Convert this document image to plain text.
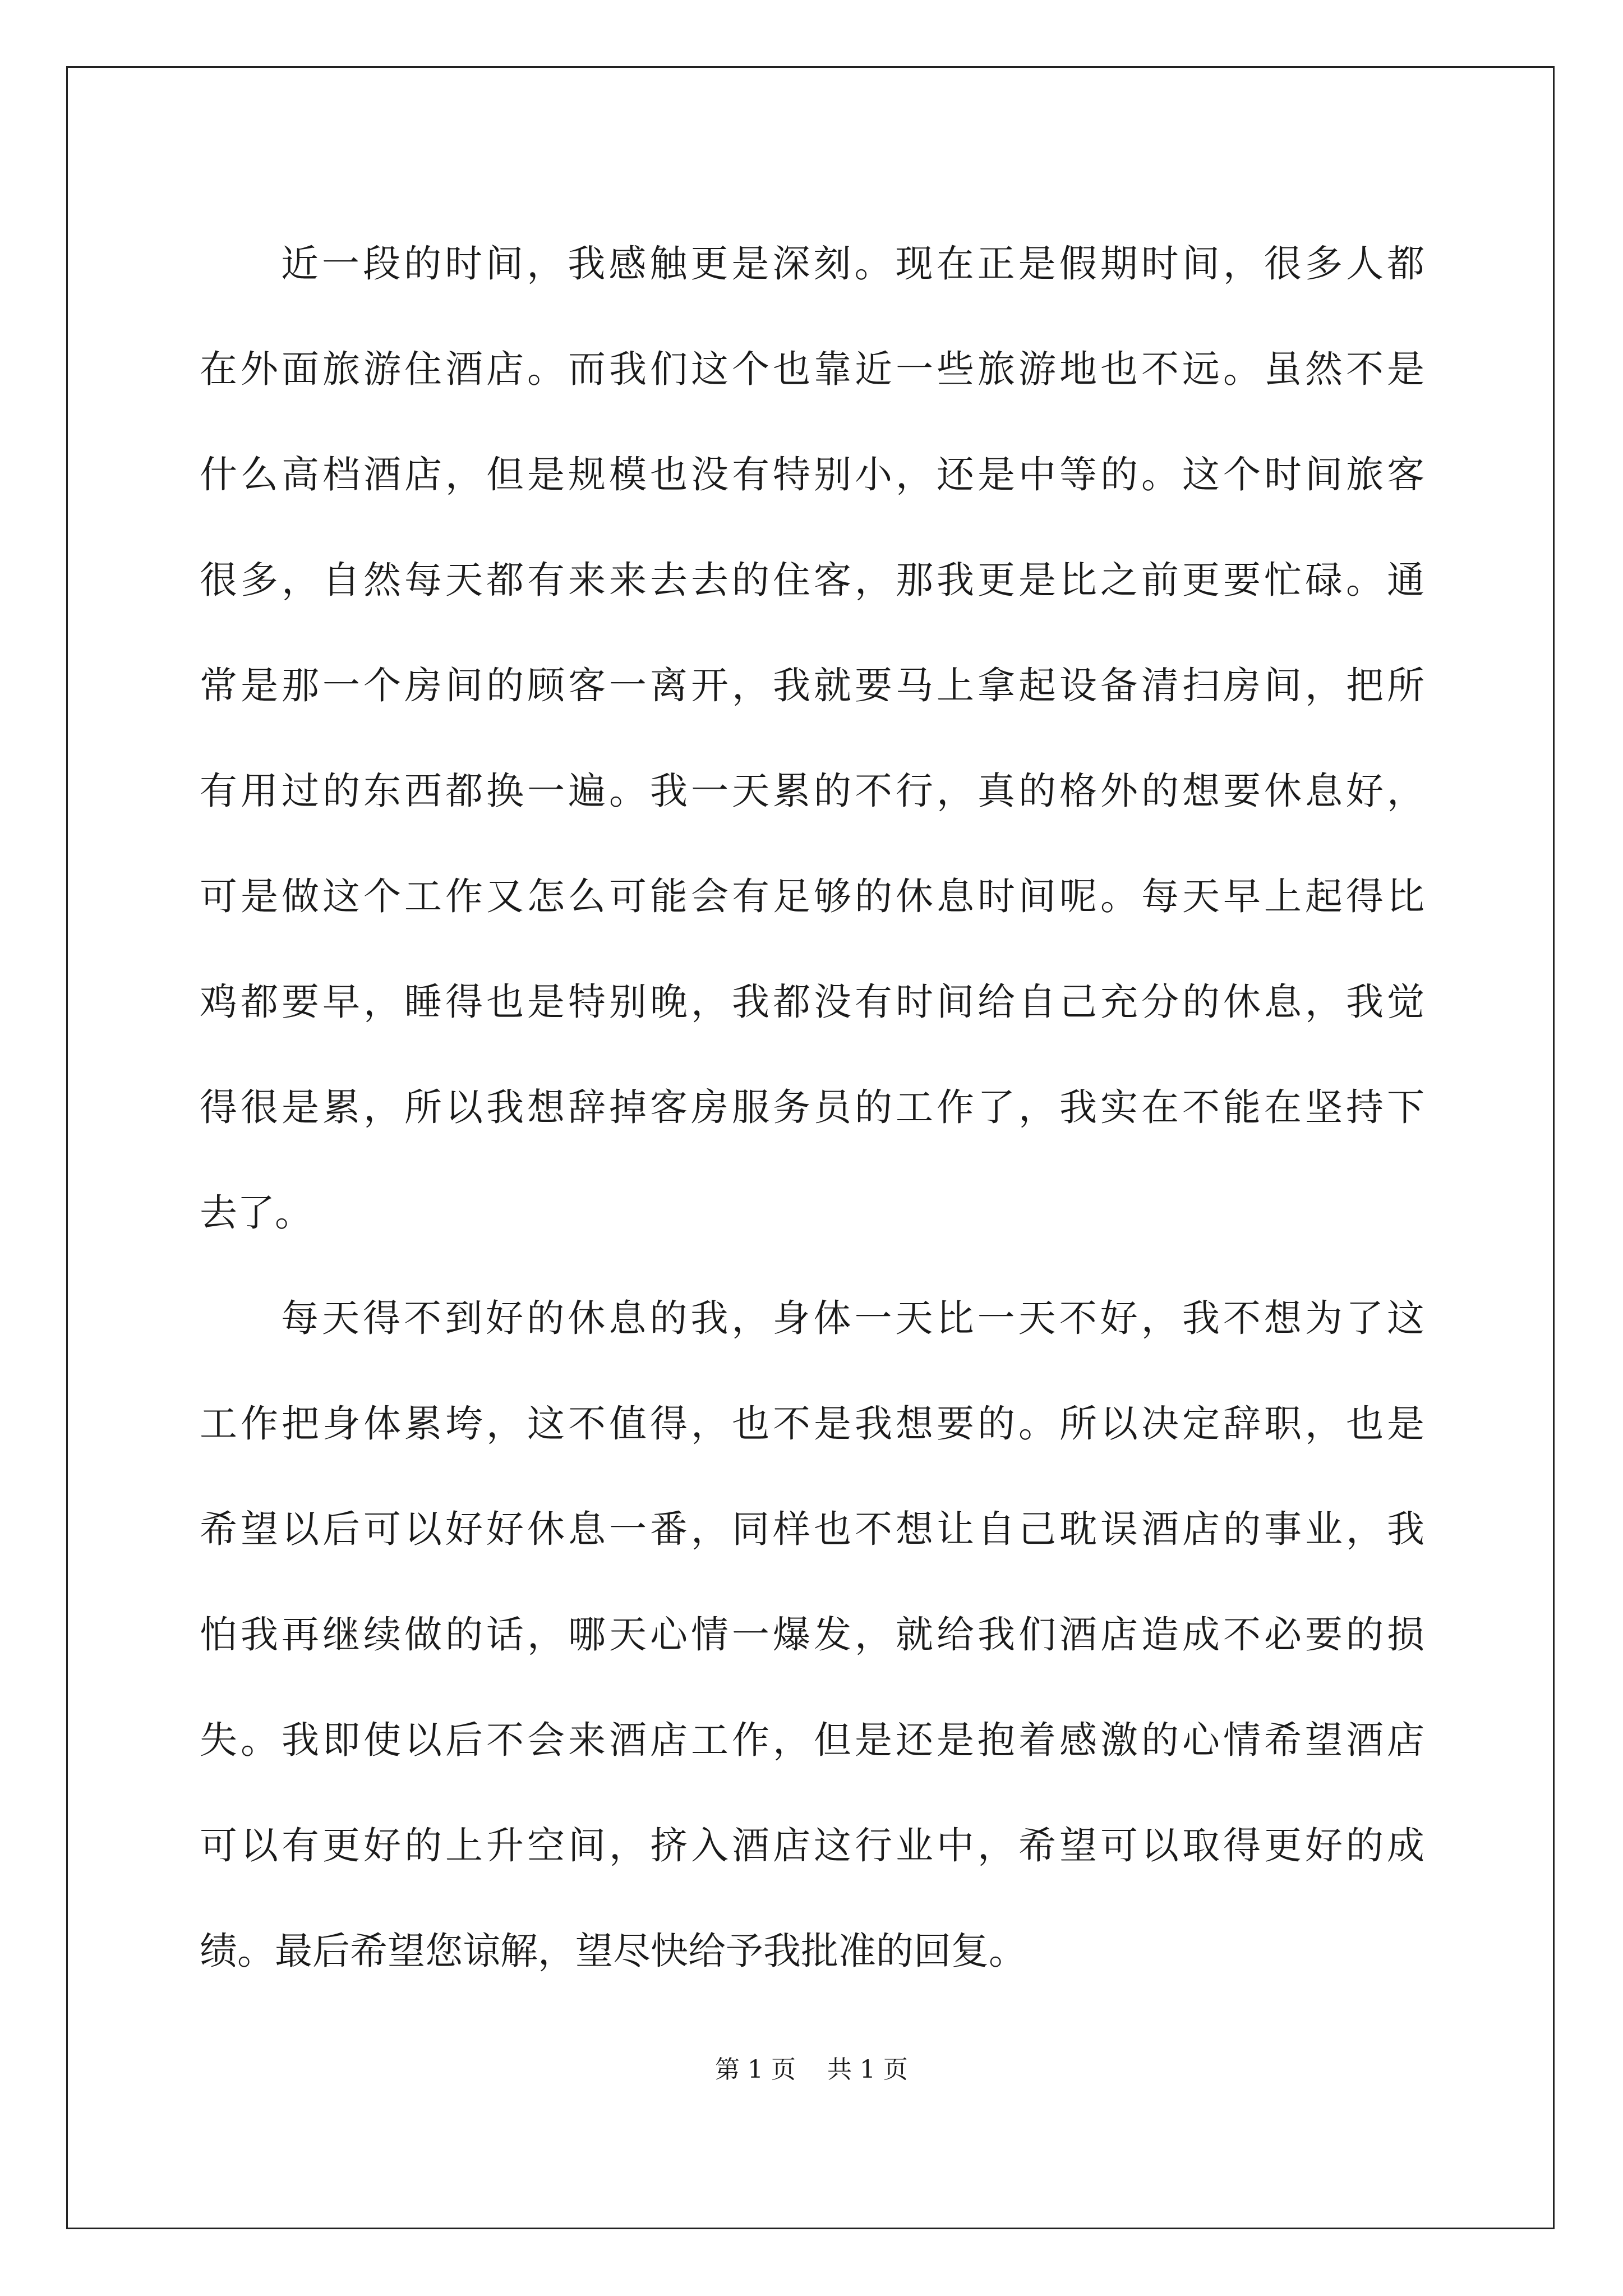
近一段的时间，我感触更是深刻。现在正是假期时间，很多人都
在外面旅游住酒店。而我们这个也靠近一些旅游地也不远。虽然不是
什么高档酒店，但是规模也没有特别小，还是中等的。这个时间旅客
很多，自然每天都有来来去去的住客，那我更是比之前更要忙碌。通
常是那一个房间的顾客一离开，我就要马上拿起设备清扫房间，把所
有用过的东西都换一遍。我一天累的不行，真的格外的想要休息好，
可是做这个工作又怎么可能会有足够的休息时间呢。每天早上起得比
鸡都要早，睡得也是特别晚，我都没有时间给自己充分的休息，我觉
得很是累，所以我想辞掉客房服务员的工作了，我实在不能在坚持下
去了。
每天得不到好的休息的我，身体一天比一天不好，我不想为了这
工作把身体累垮，这不值得，也不是我想要的。所以决定辞职，也是
希望以后可以好好休息一番，同样也不想让自己耽误酒店的事业，我
怕我再继续做的话，哪天心情一爆发，就给我们酒店造成不必要的损
失。我即使以后不会来酒店工作，但是还是抱着感激的心情希望酒店
可以有更好的上升空间，挤入酒店这行业中，希望可以取得更好的成
绩。最后希望您谅解，望尽快给予我批准的回复。
第 1 页    共 1 页
